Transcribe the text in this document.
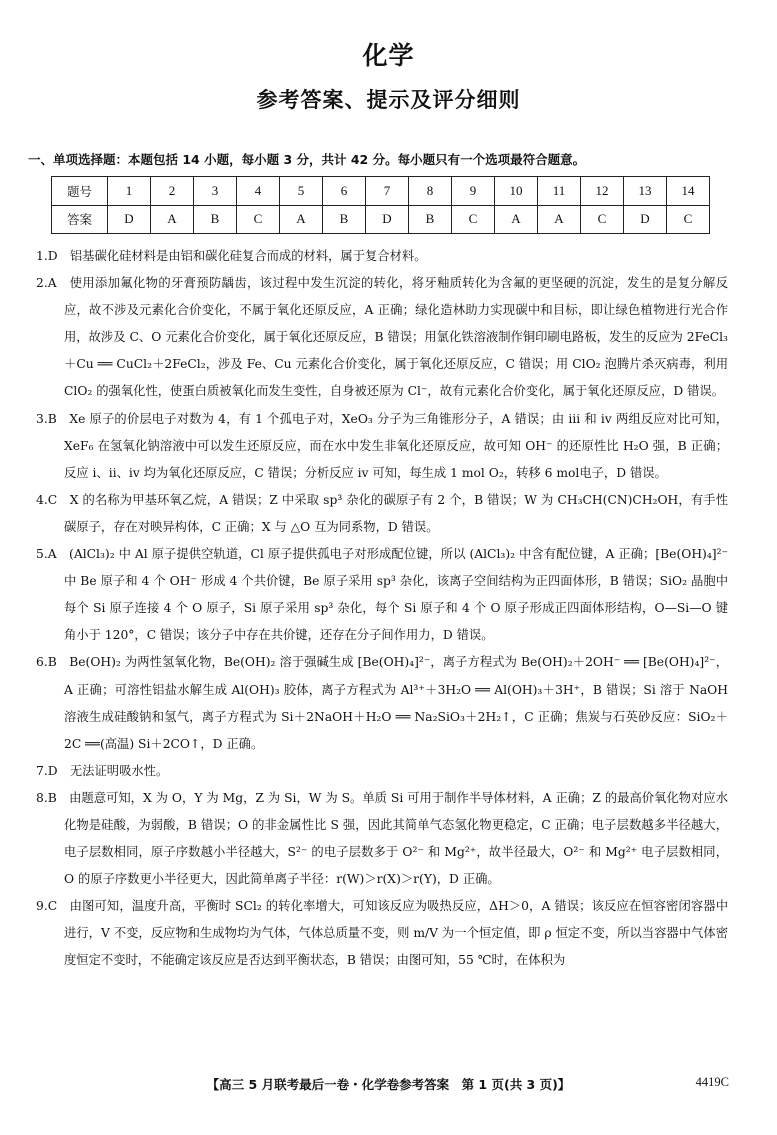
化学
参考答案、提示及评分细则
一、单项选择题：本题包括 14 小题，每小题 3 分，共计 42 分。每小题只有一个选项最符合题意。
题号	1	2	3	4	5	6	7	8	9	10	11	12	13	14
答案	D	A	B	C	A	B	D	B	C	A	A	C	D	C

1.D　铝基碳化硅材料是由铝和碳化硅复合而成的材料，属于复合材料。

2.A　使用添加氟化物的牙膏预防龋齿，该过程中发生沉淀的转化，将牙釉质转化为含氟的更坚硬的沉淀，发生的是复分解反应，故不涉及元素化合价变化，不属于氧化还原反应，A 正确；绿化造林助力实现碳中和目标，即让绿色植物进行光合作用，故涉及 C、O 元素化合价变化，属于氧化还原反应，B 错误；用氯化铁溶液制作铜印刷电路板，发生的反应为 2FeCl₃＋Cu ══ CuCl₂＋2FeCl₂，涉及 Fe、Cu 元素化合价变化，属于氧化还原反应，C 错误；用 ClO₂ 泡腾片杀灭病毒，利用 ClO₂ 的强氧化性，使蛋白质被氧化而发生变性，自身被还原为 Cl⁻，故有元素化合价变化，属于氧化还原反应，D 错误。

3.B　Xe 原子的价层电子对数为 4，有 1 个孤电子对，XeO₃ 分子为三角锥形分子，A 错误；由 ⅲ 和 ⅳ 两组反应对比可知，XeF₆ 在氢氧化钠溶液中可以发生还原反应，而在水中发生非氧化还原反应，故可知 OH⁻ 的还原性比 H₂O 强，B 正确；反应 ⅰ、ⅱ、ⅳ 均为氧化还原反应，C 错误；分析反应 ⅳ 可知，每生成 1 mol O₂，转移 6 mol电子，D 错误。

4.C　X 的名称为甲基环氧乙烷，A 错误；Z 中采取 sp³ 杂化的碳原子有 2 个，B 错误；W 为 CH₃CH(CN)CH₂OH，有手性碳原子，存在对映异构体，C 正确；X 与 △O 互为同系物，D 错误。

5.A　(AlCl₃)₂ 中 Al 原子提供空轨道，Cl 原子提供孤电子对形成配位键，所以 (AlCl₃)₂ 中含有配位键，A 正确；[Be(OH)₄]²⁻ 中 Be 原子和 4 个 OH⁻ 形成 4 个共价键，Be 原子采用 sp³ 杂化，该离子空间结构为正四面体形，B 错误；SiO₂ 晶胞中每个 Si 原子连接 4 个 O 原子，Si 原子采用 sp³ 杂化，每个 Si 原子和 4 个 O 原子形成正四面体形结构，O—Si—O 键角小于 120°，C 错误；该分子中存在共价键，还存在分子间作用力，D 错误。

6.B　Be(OH)₂ 为两性氢氧化物，Be(OH)₂ 溶于强碱生成 [Be(OH)₄]²⁻，离子方程式为 Be(OH)₂＋2OH⁻ ══ [Be(OH)₄]²⁻，A 正确；可溶性铝盐水解生成 Al(OH)₃ 胶体，离子方程式为 Al³⁺＋3H₂O ══ Al(OH)₃＋3H⁺，B 错误；Si 溶于 NaOH 溶液生成硅酸钠和氢气，离子方程式为 Si＋2NaOH＋H₂O ══ Na₂SiO₃＋2H₂↑，C 正确；焦炭与石英砂反应：SiO₂＋2C ══(高温) Si＋2CO↑，D 正确。

7.D　无法证明吸水性。

8.B　由题意可知，X 为 O，Y 为 Mg，Z 为 Si，W 为 S。单质 Si 可用于制作半导体材料，A 正确；Z 的最高价氧化物对应水化物是硅酸，为弱酸，B 错误；O 的非金属性比 S 强，因此其简单气态氢化物更稳定，C 正确；电子层数越多半径越大，电子层数相同，原子序数越小半径越大，S²⁻ 的电子层数多于 O²⁻ 和 Mg²⁺，故半径最大，O²⁻ 和 Mg²⁺ 电子层数相同，O 的原子序数更小半径更大，因此简单离子半径：r(W)＞r(X)＞r(Y)，D 正确。

9.C　由图可知，温度升高，平衡时 SCl₂ 的转化率增大，可知该反应为吸热反应，ΔH＞0，A 错误；该反应在恒容密闭容器中进行，V 不变，反应物和生成物均为气体，气体总质量不变，则 m/V 为一个恒定值，即 ρ 恒定不变，所以当容器中气体密度恒定不变时，不能确定该反应是否达到平衡状态，B 错误；由图可知，55 ℃时，在体积为

【高三 5 月联考最后一卷・化学卷参考答案　第 1 页(共 3 页)】	4419C
